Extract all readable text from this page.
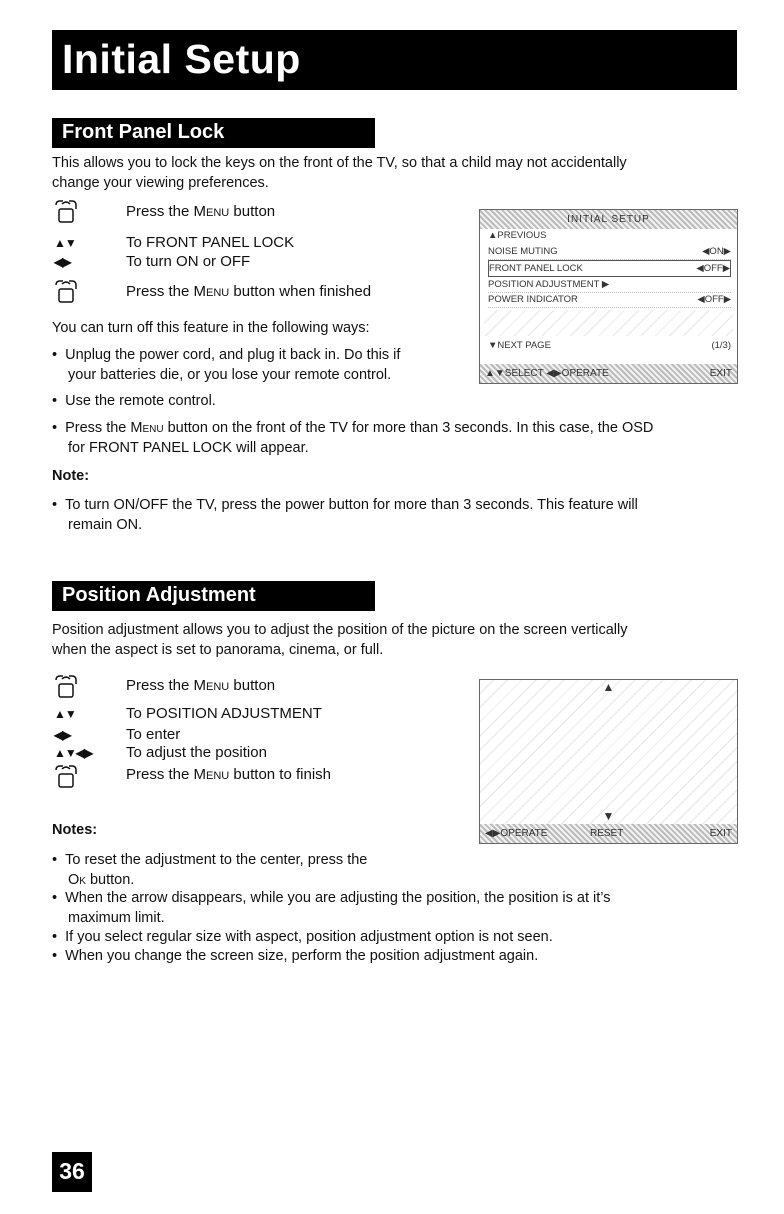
Initial Setup
Front Panel Lock
This allows you to lock the keys on the front of the TV, so that a child may not accidentally
change your viewing preferences.
Press the Menu button
▲▼	To FRONT PANEL LOCK
◀▶	To turn ON or OFF
Press the Menu button when finished
You can turn off this feature in the following ways:
• Unplug the power cord, and plug it back in. Do this if
your batteries die, or you lose your remote control.
• Use the remote control.
• Press the Menu button on the front of the TV for more than 3 seconds. In this case, the OSD
for FRONT PANEL LOCK will appear.
Note:
• To turn ON/OFF the TV, press the power button for more than 3 seconds. This feature will
remain ON.
INITIAL SETUP
▲PREVIOUS
NOISE MUTING	◀ON▶
FRONT PANEL LOCK	◀OFF▶
POSITION ADJUSTMENT ▶
POWER INDICATOR	◀OFF▶
▼NEXT PAGE	(1/3)
▲▼SELECT ◀▶OPERATE	EXIT
Position Adjustment
Position adjustment allows you to adjust the position of the picture on the screen vertically
when the aspect is set to panorama, cinema, or full.
Press the Menu button
▲▼	To POSITION ADJUSTMENT
◀▶	To enter
▲▼◀▶ To adjust the position
Press the Menu button to finish
Notes:
• To reset the adjustment to the center, press the
Ok button.
• When the arrow disappears, while you are adjusting the position, the position is at it’s
maximum limit.
• If you select regular size with aspect, position adjustment option is not seen.
• When you change the screen size, perform the position adjustment again.
▲
▼
◀▶OPERATE	RESET	EXIT
36
